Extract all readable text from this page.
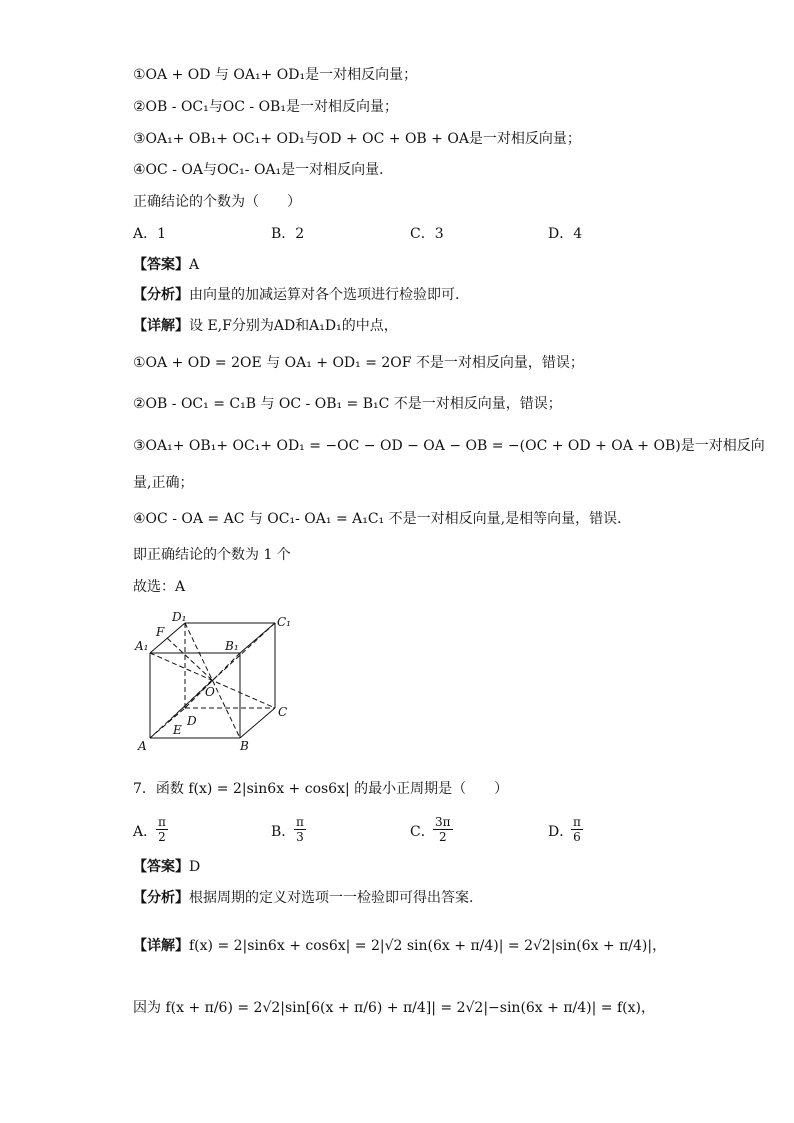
①OA + OD 与 OA₁+ OD₁是一对相反向量；
②OB - OC₁与OC - OB₁是一对相反向量；
③OA₁+ OB₁+ OC₁+ OD₁与OD + OC + OB + OA是一对相反向量；
④OC - OA与OC₁- OA₁是一对相反向量．
正确结论的个数为（　　）
A．1	B．2	C．3	D．4
【答案】A
【分析】由向量的加减运算对各个选项进行检验即可.
【详解】设 E,F分别为AD和A₁D₁的中点，
①OA + OD = 2OE 与 OA₁ + OD₁ = 2OF 不是一对相反向量，错误；
②OB - OC₁ = C₁B 与 OC - OB₁ = B₁C 不是一对相反向量，错误；
③OA₁+ OB₁+ OC₁+ OD₁ = −OC − OD − OA − OB = −(OC + OD + OA + OB)是一对相反向
量,正确；
④OC - OA = AC 与 OC₁- OA₁ = A₁C₁ 不是一对相反向量,是相等向量，错误．
即正确结论的个数为 1 个
故选：A
A	B
C
D
A₁	B₁
C₁
D₁
E
F
O
7．函数 f(x) = 2|sin6x + cos6x| 的最小正周期是（　　）
A．
$\frac{\pi}{2}$	B．
$\frac{\pi}{3}$	C．
$\frac{3\pi}{2}$	D．
$\frac{\pi}{6}$
【答案】D
【分析】根据周期的定义对选项一一检验即可得出答案.
【详解】f(x) = 2|sin6x + cos6x| = 2|√2 sin(6x + π/4)| = 2√2|sin(6x + π/4)|，
因为 f(x + π/6) = 2√2|sin[6(x + π/6) + π/4]| = 2√2|−sin(6x + π/4)| = f(x)，
